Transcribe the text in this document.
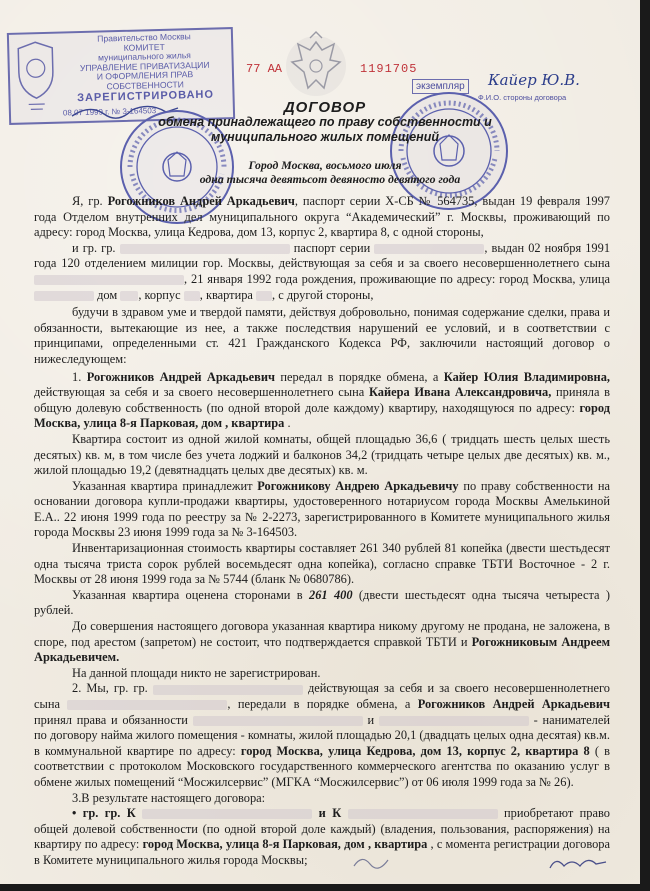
Правительство Москвы
КОМИТЕТ
муниципального жилья
УПРАВЛЕНИЕ ПРИВАТИЗАЦИИ
И ОФОРМЛЕНИЯ ПРАВ
СОБСТВЕННОСТИ
ЗАРЕГИСТРИРОВАНО
08 07 1999 г. № 3-164503
77 АА	1191705
экземпляр Кайер Ю.В.
Ф.И.О. стороны договора
ДОГОВОР
обмена принадлежащего по праву собственности и
муниципального жилых помещений
Город Москва, восьмого июля
одна тысяча девятьсот девяносто девятого года

Я, гр. Рогожников Андрей Аркадьевич, паспорт серии Х-СБ № 564735, выдан 19 февраля 1997 года Отделом внутренних дел муниципального округа “Академический” г. Москвы, проживающий по адресу: город Москва, улица Кедрова, дом 13, корпус 2, квартира 8, с одной стороны,

и гр. гр.	паспорт серии	, выдан 02 ноября 1991 года 120 отделением милиции гор. Москвы, действующая за себя и за своего несовершеннолетнего сына , 21 января 1992 года рождения, проживающие по адресу: город Москва, улица  дом , корпус , квартира , с другой стороны,

будучи в здравом уме и твердой памяти, действуя добровольно, понимая содержание сделки, права и обязанности, вытекающие из нее, а также последствия нарушений ее условий, и в соответствии с принципами, определенными ст. 421 Гражданского Кодекса РФ, заключили настоящий договор о нижеследующем:

1. Рогожников Андрей Аркадьевич передал в порядке обмена, а Кайер Юлия Владимировна, действующая за себя и за своего несовершеннолетнего сына Кайера Ивана Александровича, приняла в общую долевую собственность (по одной второй доле каждому) квартиру, находящуюся по адресу: город Москва, улица 8-я Парковая, дом , квартира .

Квартира состоит из одной жилой комнаты, общей площадью 36,6 ( тридцать шесть целых шесть десятых) кв. м, в том числе без учета лоджий и балконов 34,2 (тридцать четыре целых две десятых) кв. м., жилой площадью 19,2 (девятнадцать целых две десятых) кв. м.

Указанная квартира принадлежит Рогожникову Андрею Аркадьевичу по праву собственности на основании договора купли-продажи квартиры, удостоверенного нотариусом города Москвы Амелькиной Е.А.. 22 июня 1999 года по реестру за № 2-2273, зарегистрированного в Комитете муниципального жилья города Москвы 23 июня 1999 года за № 3-164503.

Инвентаризационная стоимость квартиры составляет 261 340 рублей 81 копейка (двести шестьдесят одна тысяча триста сорок рублей восемьдесят одна копейка), согласно справке ТБТИ Восточное - 2 г. Москвы от 28 июня 1999 года за № 5744 (бланк № 0680786).

Указанная квартира оценена сторонами в 261 400 (двести шестьдесят одна тысяча четыреста ) рублей.

До совершения настоящего договора указанная квартира никому другому не продана, не заложена, в споре, под арестом (запретом) не состоит, что подтверждается справкой ТБТИ и Рогожниковым Андреем Аркадьевичем.

На данной площади никто не зарегистрирован.

2. Мы, гр. гр.	действующая за себя и за своего несовершеннолетнего сына	, передали в порядке обмена, а Рогожников Андрей Аркадьевич принял права и обязанности	и	- нанимателей по договору найма жилого помещения - комнаты, жилой площадью 20,1 (двадцать целых одна десятая) кв.м. в коммунальной квартире по адресу: город Москва, улица Кедрова, дом 13, корпус 2, квартира 8 ( в соответствии с протоколом Московского государственного коммерческого агентства по оказанию услуг в обмене жилых помещений “Мосжилсервис” (МГКА “Мосжилсервис”) от 06 июля 1999 года за № 26).

3.В результате настоящего договора:

• гр. гр. К	и К	приобретают право общей долевой собственности (по одной второй доле каждый) (владения, пользования, распоряжения) на квартиру по адресу: город Москва, улица 8-я Парковая, дом , квартира , с момента регистрации договора в Комитете муниципального жилья города Москвы;
